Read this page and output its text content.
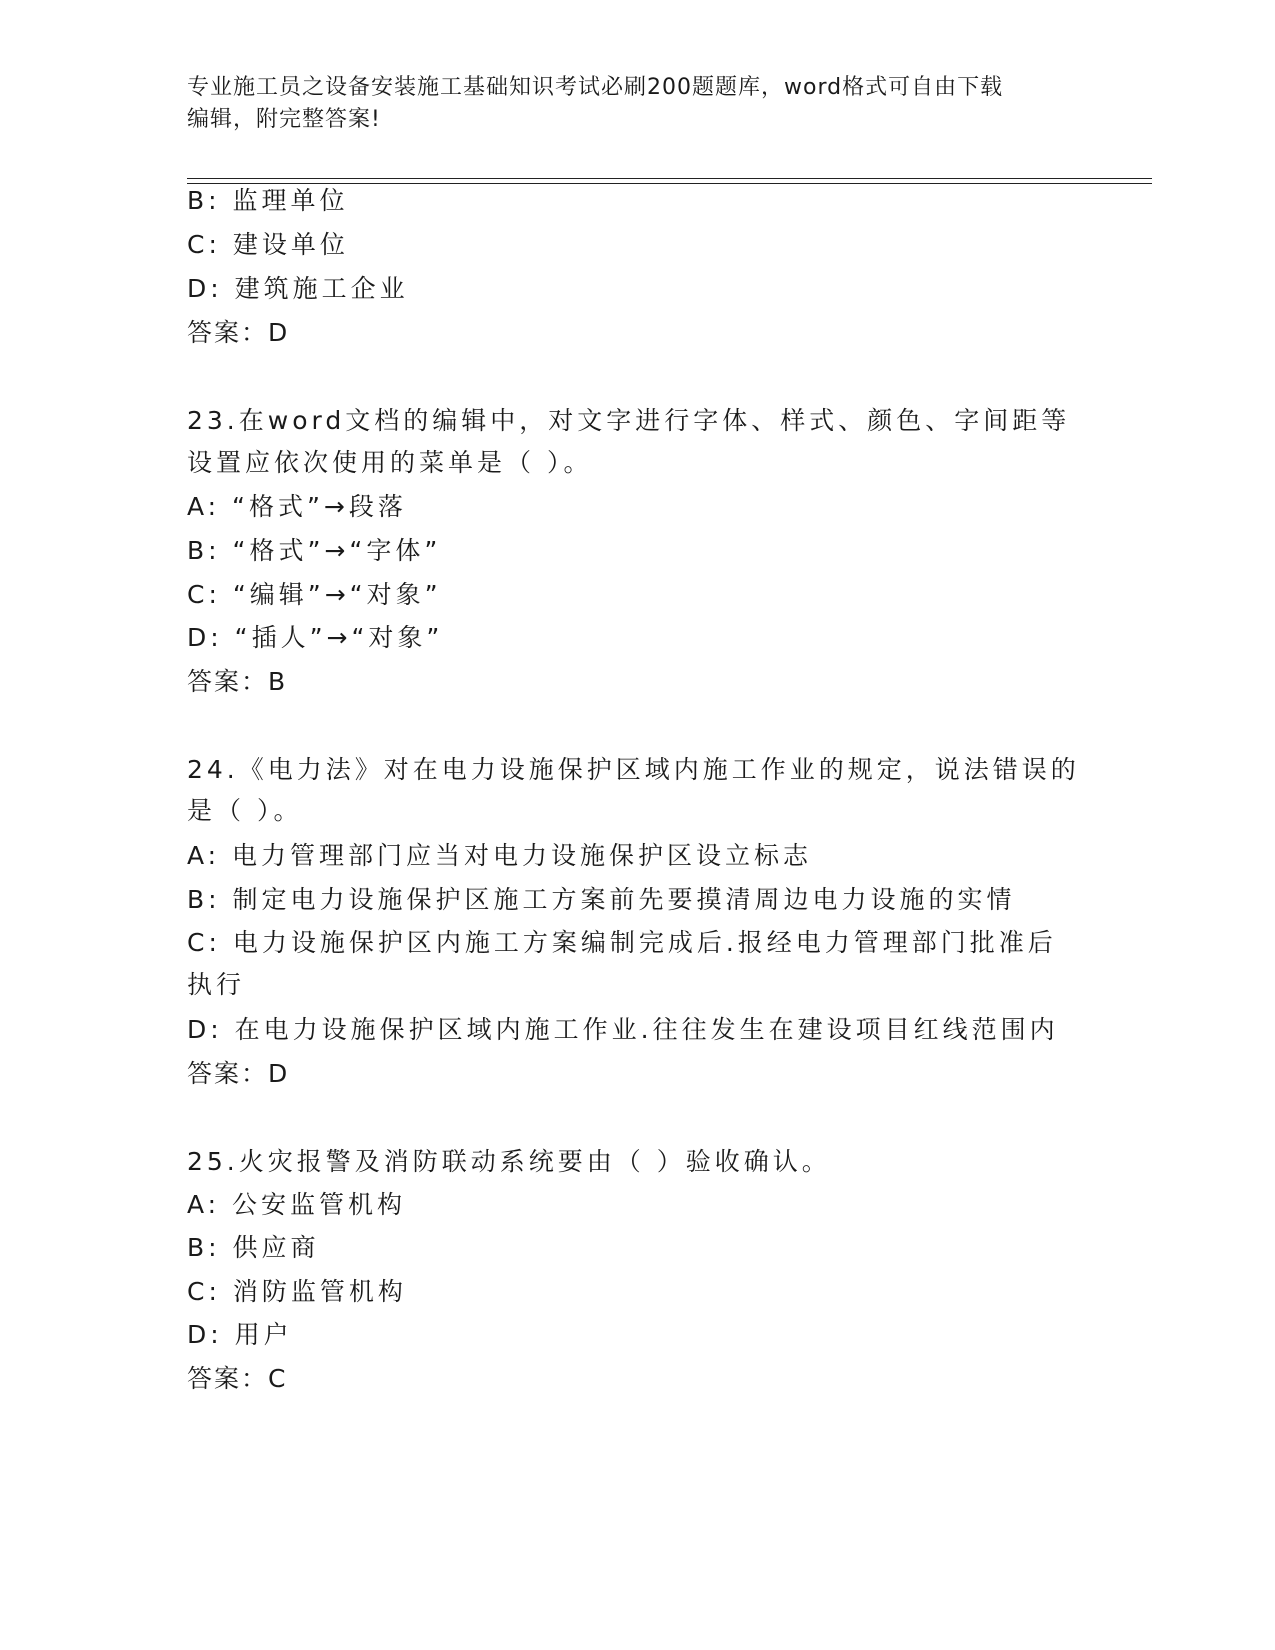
专业施工员之设备安装施工基础知识考试必刷200题题库，word格式可自由下载
编辑，附完整答案!
B: 监理单位
C: 建设单位
D: 建筑施工企业
答案：D
23.在word文档的编辑中，对文字进行字体、样式、颜色、字间距等
设置应依次使用的菜单是（ ）。
A: “格式”→段落
B: “格式”→“字体”
C: “编辑”→“对象”
D: “插人”→“对象”
答案：B
24.《电力法》对在电力设施保护区域内施工作业的规定，说法错误的
是（ ）。
A: 电力管理部门应当对电力设施保护区设立标志
B: 制定电力设施保护区施工方案前先要摸清周边电力设施的实情
C: 电力设施保护区内施工方案编制完成后.报经电力管理部门批准后
执行
D: 在电力设施保护区域内施工作业.往往发生在建设项目红线范围内
答案：D
25.火灾报警及消防联动系统要由（ ）验收确认。
A: 公安监管机构
B: 供应商
C: 消防监管机构
D: 用户
答案：C
